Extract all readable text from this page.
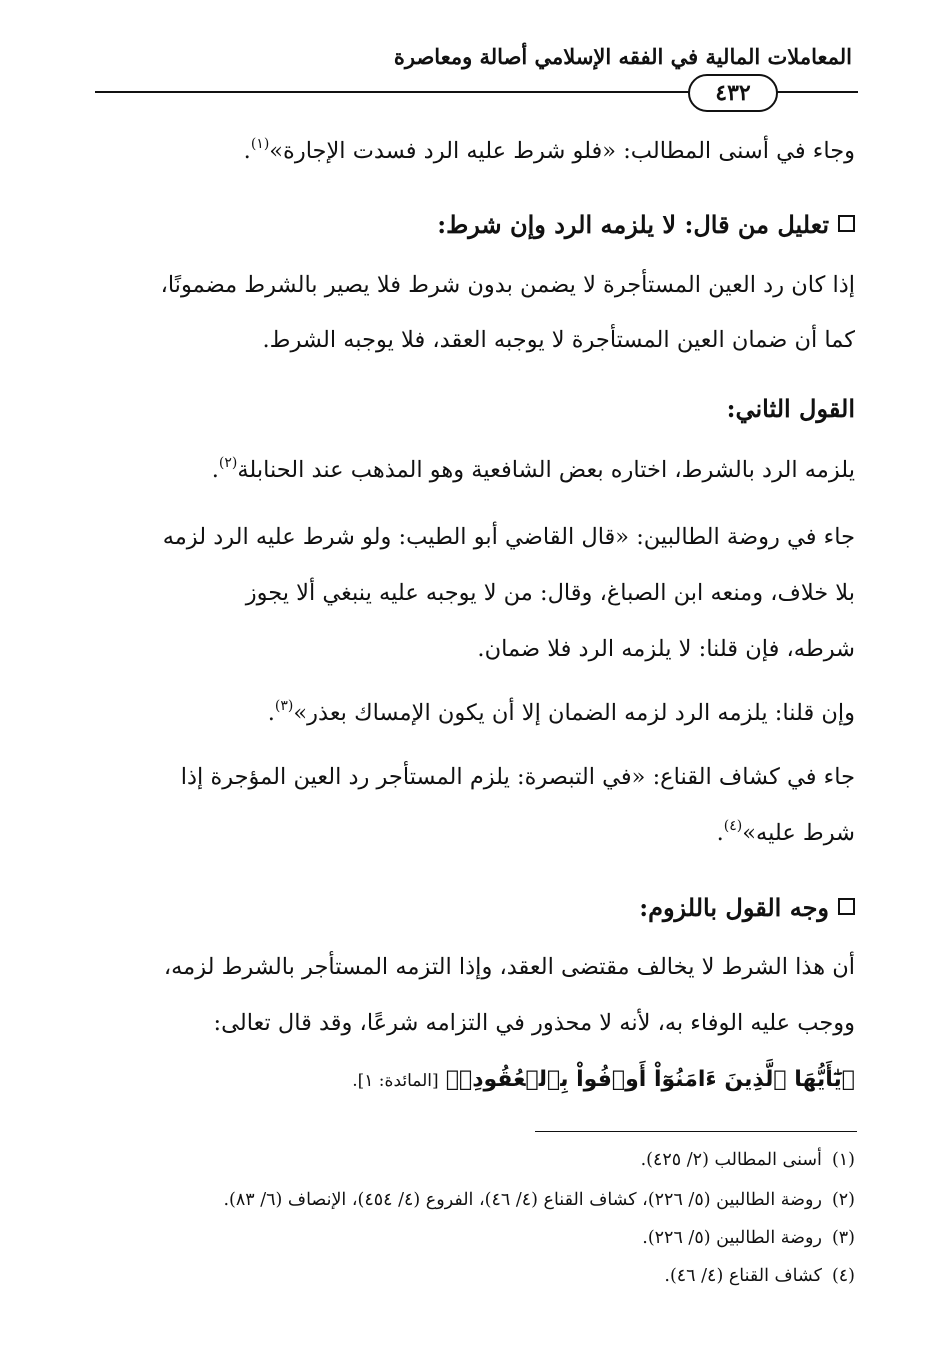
المعاملات المالية في الفقه الإسلامي أصالة ومعاصرة
٤٣٢
وجاء في أسنى المطالب: «فلو شرط عليه الرد فسدت الإجارة»$^{(١)}$.
تعليل من قال: لا يلزمه الرد وإن شرط:
إذا كان رد العين المستأجرة لا يضمن بدون شرط فلا يصير بالشرط مضمونًا،
كما أن ضمان العين المستأجرة لا يوجبه العقد، فلا يوجبه الشرط.
القول الثاني:
يلزمه الرد بالشرط، اختاره بعض الشافعية وهو المذهب عند الحنابلة$^{(٢)}$.
جاء في روضة الطالبين: «قال القاضي أبو الطيب: ولو شرط عليه الرد لزمه
بلا خلاف، ومنعه ابن الصباغ، وقال: من لا يوجبه عليه ينبغي ألا يجوز
شرطه، فإن قلنا: لا يلزمه الرد فلا ضمان.
وإن قلنا: يلزمه الرد لزمه الضمان إلا أن يكون الإمساك بعذر»$^{(٣)}$.
جاء في كشاف القناع: «في التبصرة: يلزم المستأجر رد العين المؤجرة إذا
شرط عليه»$^{(٤)}$.
وجه القول باللزوم:
أن هذا الشرط لا يخالف مقتضى العقد، وإذا التزمه المستأجر بالشرط لزمه،
ووجب عليه الوفاء به، لأنه لا محذور في التزامه شرعًا، وقد قال تعالى:
﴿يَٰٓأَيُّهَا ٱلَّذِينَ ءَامَنُوٓاْ أَوۡفُواْ بِٱلۡعُقُودِۚ﴾ [المائدة: ١].
(١)أسنى المطالب (٢/ ٤٢٥).
(٢)روضة الطالبين (٥/ ٢٢٦)، كشاف القناع (٤/ ٤٦)، الفروع (٤/ ٤٥٤)، الإنصاف (٦/ ٨٣).
(٣)روضة الطالبين (٥/ ٢٢٦).
(٤)كشاف القناع (٤/ ٤٦).
